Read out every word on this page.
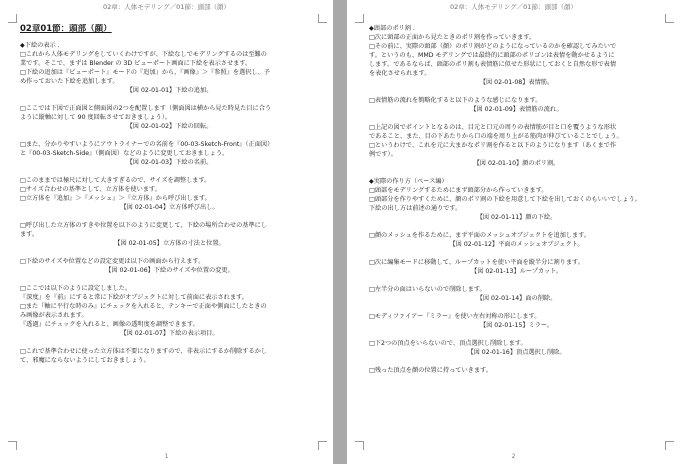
02章：人体モデリング／01節：頭部（顔）

02章01節：頭部（顔）

◆下絵の表示 .

□これから人体モデリングをしていくわけですが、下絵なしでモデリングするのは至難の

業です。そこで、まずは Blender の 3D ビューポート画面に下絵を表示させます。

□下絵の追加は『ビューポート』モードの『追加』から、『画像』＞『参照』を選択し、予

め作っておいた下絵を追加します。

【図 02-01-01】下絵の追加。

□ここでは下図で正面図と側面図の2つを配置します（側面図は横から見た時見た目に合う

ように縦軸に対して 90 度回転させておきましょう）。

【図 02-01-02】下絵の回転。

□また、分かりやすいようにアウトライナーでの名前を『00-03-Sketch-Front』（正面図）

と『00-03-Sketch-Side』（側面図）などのように変更しておきましょう。

【図 02-01-03】下絵の名前。

□このままでは極尺に対して大きすぎるので、サイズを調整します。

□サイズ合わせの基準として、立方体を使います。

□立方体を『追加』＞『メッシュ』＞『立方体』から呼び出します。

【図 02-01-04】立方体呼び出し。

□呼び出した立方体のすきや位置を以下のように変更して、下絵の場所合わせの基準にし

ます。

【図 02-01-05】立方体の寸法と位置。

□下絵のサイズや位置などの設定変更は以下の画面から行えます。

【図 02-01-06】下絵のサイズや位置の変更。

□ここでは以下のように設定しました。

『深度』を『前』にすると常に下絵がオブジェクトに対して前面に表示されます。

□また『軸に平行な時のみ』にチェックを入れると、テンキーで正面や側面にしたときの

み画像が表示されます。

『透過』にチェックを入れると、画像の透明度を調整できます。

【図 02-01-07】下絵の表示項目。

□これで基準合わせに使った立方体は不要になりますので、非表示にするか削除するかし

て、邪魔にならないようにしておきましょう。

1
02章：人体モデリング／01節：頭部（顔）

◆頭部のポリ割 .

□次に頭部の正面から見たときのポリ割を作っていきます。

□その前に、実際の頭部（顔）のポリ割がどのようになっているのかを確認してみたいで

す。というのも、MMD モデリングでは最終的に頭部のポリゴンは表情を動かせるように

します。であるならば、頭部のポリ割も表情筋に似せた形状にしておくと自然な形で表情

を表化させられます。

【図 02-01-08】表情筋。

□表情筋の流れを簡略化すると以下のような感じになります。

【図 02-01-09】表情筋の流れ。

□上記の図でポイントとなるのは、目元と口元の周りの表情筋が目と口を覆うような形状

であること、また、目の下あたりから口の端を周り上がる筋肉が伸びていることでしょう。

□というわけで、これを元に大まかなポリ割を作ると以下のようになります（あくまで作

例です）。

【図 02-01-10】顔のポリ割。

◆実際の作り方（ベース編）

□頭部をモデリングするためにまず頭部分から作っていきます。

□頭部分を作りやすくために、顔のポリ割の下絵を用意して下絵を出しておくのもいいでしょう。

下絵の出し方は前述の通りです。

【図 02-01-11】顔の下絵。

□顔のメッシュを作るために、まず平面のメッシュオブジェクトを追加します。

【図 02-01-12】平面のメッシュオブジェクト。

□次に編集モードに移動して、ループカットを使い平面を縦半分に割ります。

【図 02-01-13】ループカット。

□左半分の面はいらないので削除します。

【図 02-01-14】面の削除。

□モディファイアー『ミラー』を使い左右対称の形にします。

【図 02-01-15】ミラー。

□下2つの頂点をいらないので、頂点選択し削除します。

【図 02-01-16】頂点選択し削除。

□残った頂点を顔の位置に持っていきます。

2
